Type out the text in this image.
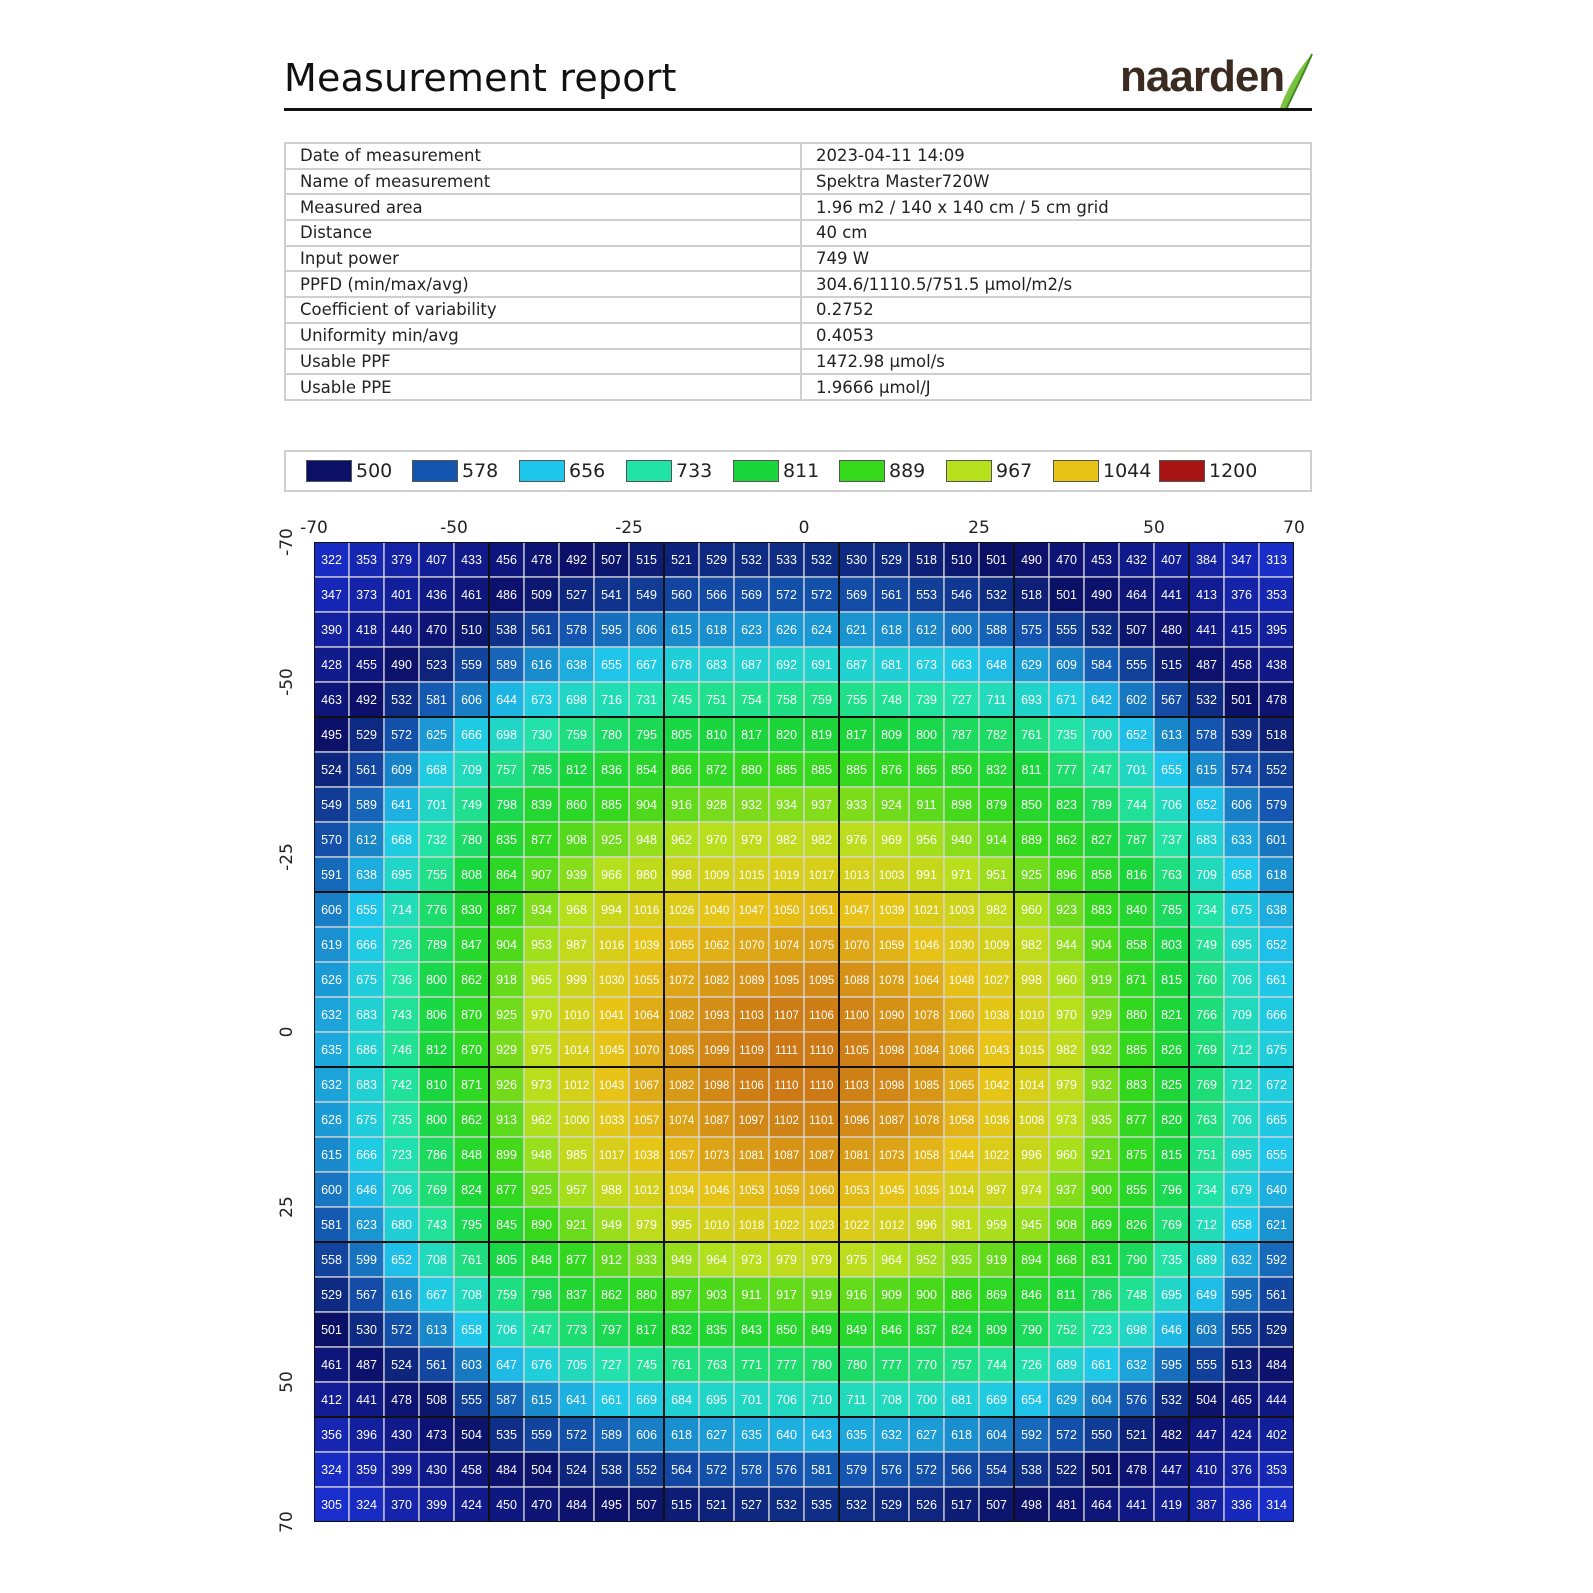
Measurement report	naarden
Date of measurement	2023-04-11 14:09
Name of measurement	Spektra Master720W
Measured area	1.96 m2 / 140 x 140 cm / 5 cm grid
Distance	40 cm
Input power	749 W
PPFD (min/max/avg)	304.6/1110.5/751.5 µmol/m2/s
Coefficient of variability	0.2752
Uniformity min/avg	0.4053
Usable PPF	1472.98 µmol/s
Usable PPE	1.9666 µmol/J
500	578	656	733	811	889	967	1044	1200
-70	-50	-25	0	25	50	70
-70
-50
-25
0
25
50
70
322 353 379 407 433 456 478 492 507 515 521 529 532 533 532 530 529 518 510 501 490 470 453 432 407 384 347 313
347 373 401 436 461 486 509 527 541 549 560 566 569 572 572 569 561 553 546 532 518 501 490 464 441 413 376 353
390 418 440 470 510 538 561 578 595 606 615 618 623 626 624 621 618 612 600 588 575 555 532 507 480 441 415 395
428 455 490 523 559 589 616 638 655 667 678 683 687 692 691 687 681 673 663 648 629 609 584 555 515 487 458 438
463 492 532 581 606 644 673 698 716 731 745 751 754 758 759 755 748 739 727 711 693 671 642 602 567 532 501 478
495 529 572 625 666 698 730 759 780 795 805 810 817 820 819 817 809 800 787 782 761 735 700 652 613 578 539 518
524 561 609 668 709 757 785 812 836 854 866 872 880 885 885 885 876 865 850 832 811 777 747 701 655 615 574 552
549 589 641 701 749 798 839 860 885 904 916 928 932 934 937 933 924 911 898 879 850 823 789 744 706 652 606 579
570 612 668 732 780 835 877 908 925 948 962 970 979 982 982 976 969 956 940 914 889 862 827 787 737 683 633 601
591 638 695 755 808 864 907 939 966 980 998 1009 1015 1019 1017 1013 1003 991 971 951 925 896 858 816 763 709 658 618
606 655 714 776 830 887 934 968 994 1016 1026 1040 1047 1050 1051 1047 1039 1021 1003 982 960 923 883 840 785 734 675 638
619 666 726 789 847 904 953 987 1016 1039 1055 1062 1070 1074 1075 1070 1059 1046 1030 1009 982 944 904 858 803 749 695 652
626 675 736 800 862 918 965 999 1030 1055 1072 1082 1089 1095 1095 1088 1078 1064 1048 1027 998 960 919 871 815 760 706 661
632 683 743 806 870 925 970 1010 1041 1064 1082 1093 1103 1107 1106 1100 1090 1078 1060 1038 1010 970 929 880 821 766 709 666
635 686 746 812 870 929 975 1014 1045 1070 1085 1099 1109 1111 1110 1105 1098 1084 1066 1043 1015 982 932 885 826 769 712 675
632 683 742 810 871 926 973 1012 1043 1067 1082 1098 1106 1110 1110 1103 1098 1085 1065 1042 1014 979 932 883 825 769 712 672
626 675 735 800 862 913 962 1000 1033 1057 1074 1087 1097 1102 1101 1096 1087 1078 1058 1036 1008 973 935 877 820 763 706 665
615 666 723 786 848 899 948 985 1017 1038 1057 1073 1081 1087 1087 1081 1073 1058 1044 1022 996 960 921 875 815 751 695 655
600 646 706 769 824 877 925 957 988 1012 1034 1046 1053 1059 1060 1053 1045 1035 1014 997 974 937 900 855 796 734 679 640
581 623 680 743 795 845 890 921 949 979 995 1010 1018 1022 1023 1022 1012 996 981 959 945 908 869 826 769 712 658 621
558 599 652 708 761 805 848 877 912 933 949 964 973 979 979 975 964 952 935 919 894 868 831 790 735 689 632 592
529 567 616 667 708 759 798 837 862 880 897 903 911 917 919 916 909 900 886 869 846 811 786 748 695 649 595 561
501 530 572 613 658 706 747 773 797 817 832 835 843 850 849 849 846 837 824 809 790 752 723 698 646 603 555 529
461 487 524 561 603 647 676 705 727 745 761 763 771 777 780 780 777 770 757 744 726 689 661 632 595 555 513 484
412 441 478 508 555 587 615 641 661 669 684 695 701 706 710 711 708 700 681 669 654 629 604 576 532 504 465 444
356 396 430 473 504 535 559 572 589 606 618 627 635 640 643 635 632 627 618 604 592 572 550 521 482 447 424 402
324 359 399 430 458 484 504 524 538 552 564 572 578 576 581 579 576 572 566 554 538 522 501 478 447 410 376 353
305 324 370 399 424 450 470 484 495 507 515 521 527 532 535 532 529 526 517 507 498 481 464 441 419 387 336 314
